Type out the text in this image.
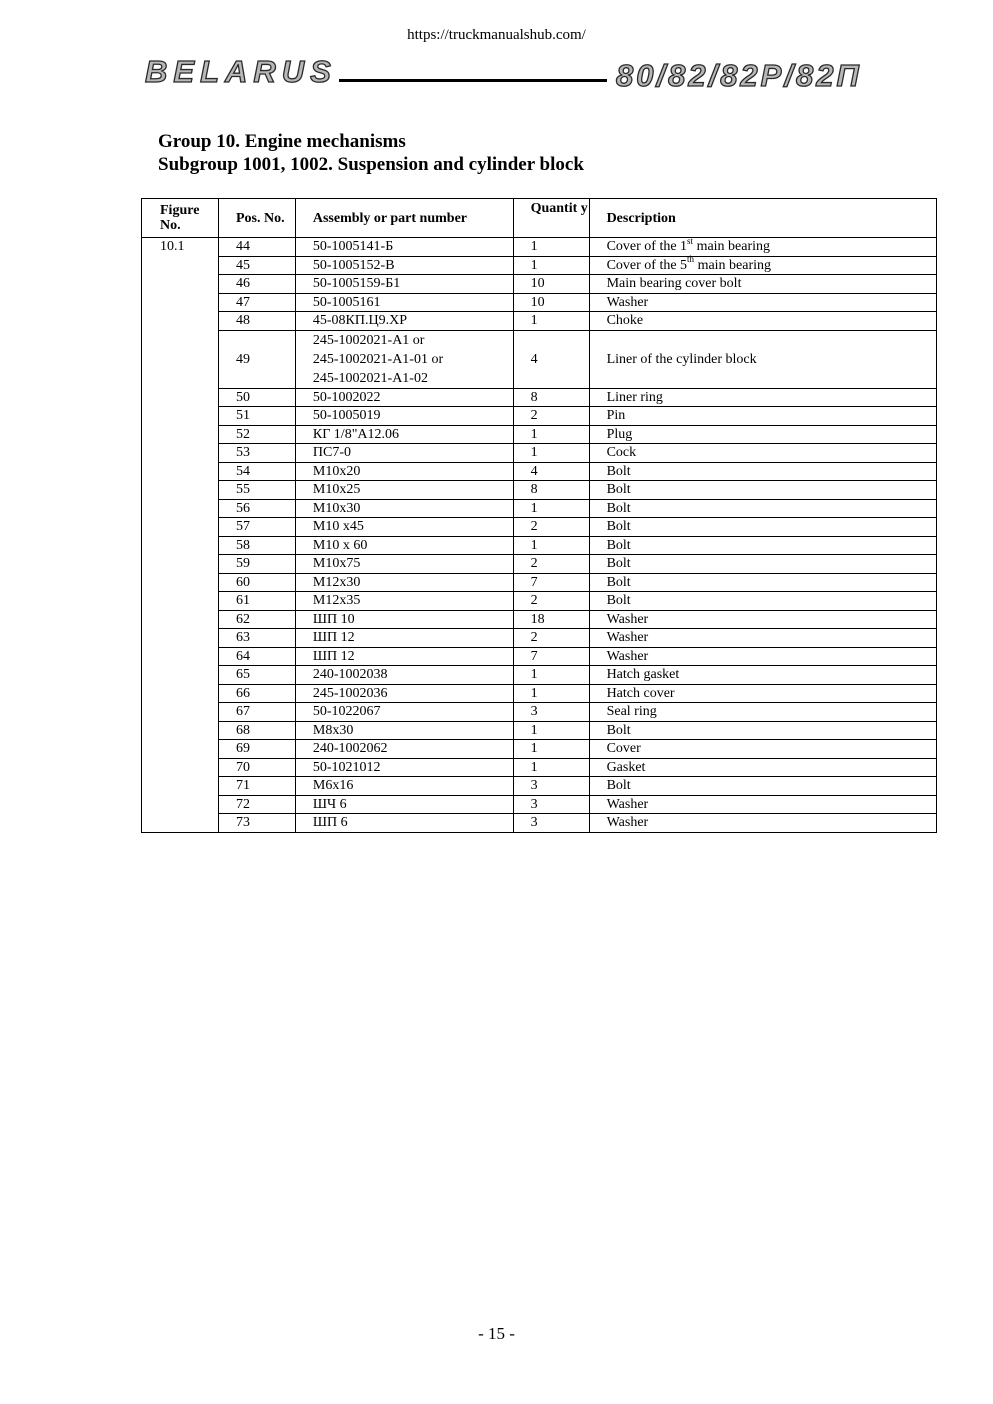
https://truckmanualshub.com/
BELARUS	80/82/82P/82П
Group 10. Engine mechanisms
Subgroup 1001, 1002. Suspension and cylinder block
Figure No.	Pos. No.	Assembly or part number	Quantit y	Description
10.1	44	50-1005141-Б	1	Cover of the 1st main bearing
	45	50-1005152-В	1	Cover of the 5th main bearing
	46	50-1005159-Б1	10	Main bearing cover bolt
	47	50-1005161	10	Washer
	48	45-08КП.Ц9.ХР	1	Choke
	49	245-1002021-А1 or
245-1002021-А1-01 or
245-1002021-А1-02	4	Liner of the cylinder block
	50	50-1002022	8	Liner ring
	51	50-1005019	2	Pin
	52	КГ 1/8"А12.06	1	Plug
	53	ПС7-0	1	Cock
	54	М10х20	4	Bolt
	55	М10х25	8	Bolt
	56	М10х30	1	Bolt
	57	М10 х45	2	Bolt
	58	М10 х 60	1	Bolt
	59	М10х75	2	Bolt
	60	М12х30	7	Bolt
	61	М12х35	2	Bolt
	62	ШП 10	18	Washer
	63	ШП 12	2	Washer
	64	ШП 12	7	Washer
	65	240-1002038	1	Hatch gasket
	66	245-1002036	1	Hatch cover
	67	50-1022067	3	Seal ring
	68	М8х30	1	Bolt
	69	240-1002062	1	Cover
	70	50-1021012	1	Gasket
	71	М6х16	3	Bolt
	72	ШЧ 6	3	Washer
	73	ШП 6	3	Washer
- 15 -
